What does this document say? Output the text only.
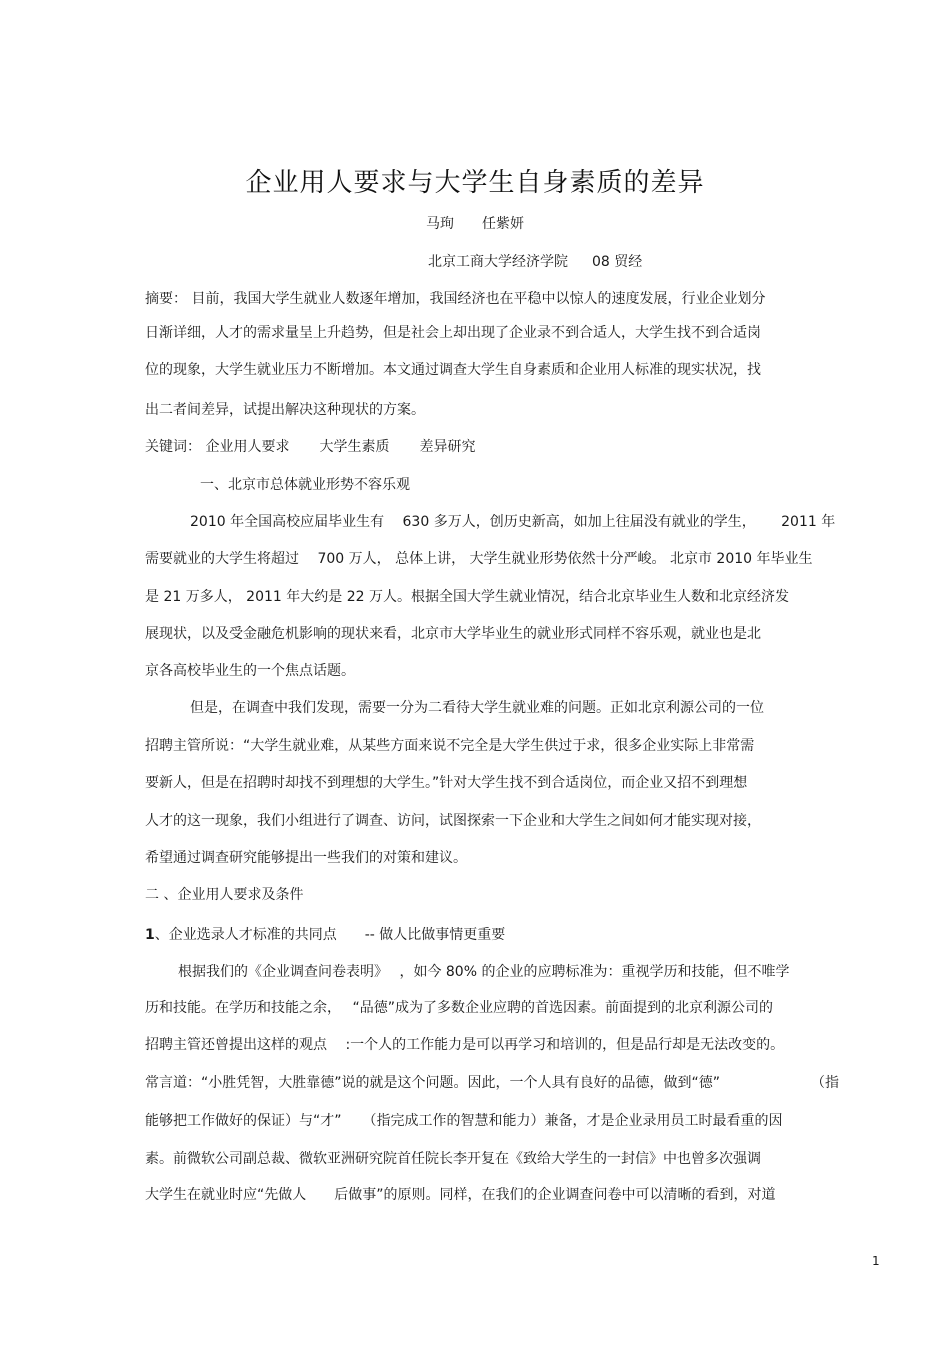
企业用人要求与大学生自身素质的差异
马珣 任紫妍
北京工商大学经济学院 08 贸经
摘要： 目前，我国大学生就业人数逐年增加，我国经济也在平稳中以惊人的速度发展，行业企业划分
日渐详细，人才的需求量呈上升趋势，但是社会上却出现了企业录不到合适人，大学生找不到合适岗
位的现象，大学生就业压力不断增加。本文通过调查大学生自身素质和企业用人标准的现实状况，找
出二者间差异，试提出解决这种现状的方案。
关键词： 企业用人要求 大学生素质 差异研究
一、北京市总体就业形势不容乐观
2010 年全国高校应届毕业生有　 630 多万人，创历史新高，如加上往届没有就业的学生，　　 2011 年
需要就业的大学生将超过　 700 万人， 总体上讲， 大学生就业形势依然十分严峻。 北京市 2010 年毕业生
是 21 万多人， 2011 年大约是 22 万人。根据全国大学生就业情况，结合北京毕业生人数和北京经济发
展现状，以及受金融危机影响的现状来看，北京市大学毕业生的就业形式同样不容乐观，就业也是北
京各高校毕业生的一个焦点话题。
但是，在调查中我们发现，需要一分为二看待大学生就业难的问题。正如北京利源公司的一位
招聘主管所说：“大学生就业难，从某些方面来说不完全是大学生供过于求，很多企业实际上非常需
要新人，但是在招聘时却找不到理想的大学生。”针对大学生找不到合适岗位，而企业又招不到理想
人才的这一现象，我们小组进行了调查、访问，试图探索一下企业和大学生之间如何才能实现对接，
希望通过调查研究能够提出一些我们的对策和建议。
二 、企业用人要求及条件
1、企业选录人才标准的共同点　　-- 做人比做事情更重要
根据我们的《企业调查问卷表明》　 ，如今 80% 的企业的应聘标准为：重视学历和技能，但不唯学
历和技能。在学历和技能之余，　 “品德”成为了多数企业应聘的首选因素。前面提到的北京利源公司的
招聘主管还曾提出这样的观点　 :一个人的工作能力是可以再学习和培训的，但是品行却是无法改变的。
常言道：“小胜凭智，大胜靠德”说的就是这个问题。因此，一个人具有良好的品德，做到“德”　　　　　　　（指
能够把工作做好的保证）与“才”　　（指完成工作的智慧和能力）兼备，才是企业录用员工时最看重的因
素。前微软公司副总裁、微软亚洲研究院首任院长李开复在《致给大学生的一封信》中也曾多次强调
大学生在就业时应“先做人　　后做事”的原则。同样，在我们的企业调查问卷中可以清晰的看到，对道
1
